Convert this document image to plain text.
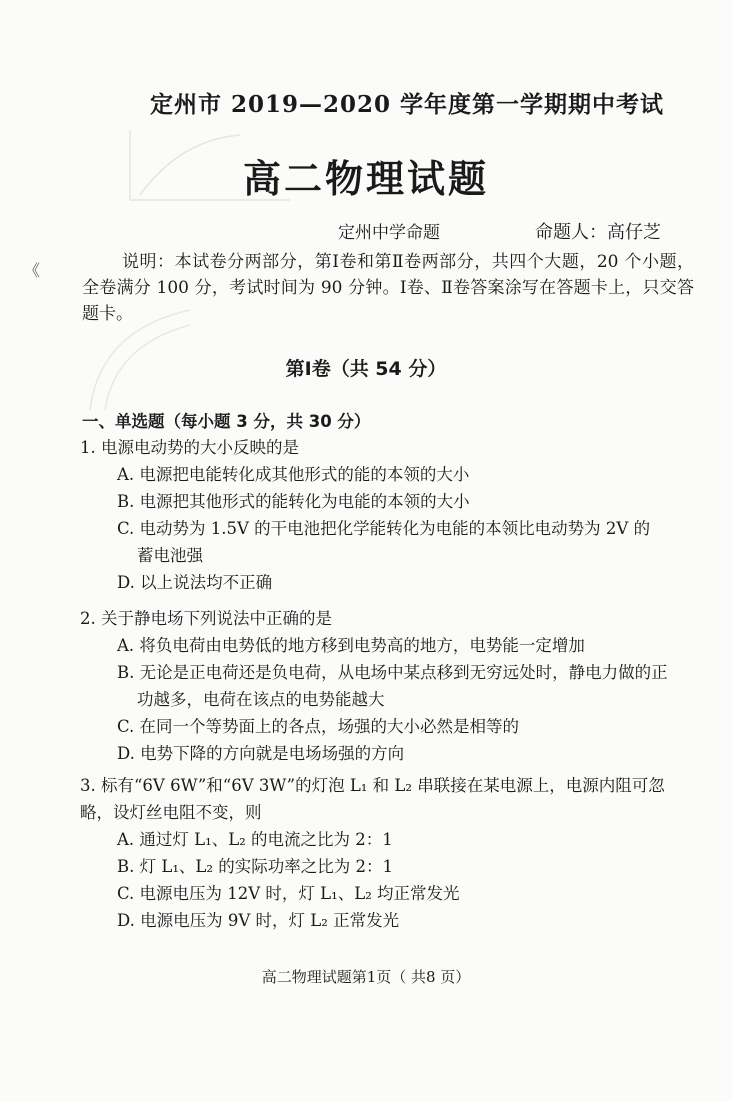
《
定州市 2019—2020 学年度第一学期期中考试
高二物理试题
定州中学命题	命题人：高仔芝
说明：本试卷分两部分，第Ⅰ卷和第Ⅱ卷两部分，共四个大题，20 个小题，全卷满分 100 分，考试时间为 90 分钟。Ⅰ卷、Ⅱ卷答案涂写在答题卡上，只交答题卡。
第Ⅰ卷（共 54 分）
一、单选题（每小题 3 分，共 30 分）
1. 电源电动势的大小反映的是
A. 电源把电能转化成其他形式的能的本领的大小
B. 电源把其他形式的能转化为电能的本领的大小
C. 电动势为 1.5V 的干电池把化学能转化为电能的本领比电动势为 2V 的
蓄电池强
D. 以上说法均不正确
2. 关于静电场下列说法中正确的是
A. 将负电荷由电势低的地方移到电势高的地方，电势能一定增加
B. 无论是正电荷还是负电荷，从电场中某点移到无穷远处时，静电力做的正
功越多，电荷在该点的电势能越大
C. 在同一个等势面上的各点，场强的大小必然是相等的
D. 电势下降的方向就是电场场强的方向
3. 标有“6V 6W”和“6V 3W”的灯泡 L₁ 和 L₂ 串联接在某电源上，电源内阻可忽
略，设灯丝电阻不变，则
A. 通过灯 L₁、L₂ 的电流之比为 2：1
B. 灯 L₁、L₂ 的实际功率之比为 2：1
C. 电源电压为 12V 时，灯 L₁、L₂ 均正常发光
D. 电源电压为 9V 时，灯 L₂ 正常发光
高二物理试题第1页（ 共8 页）
